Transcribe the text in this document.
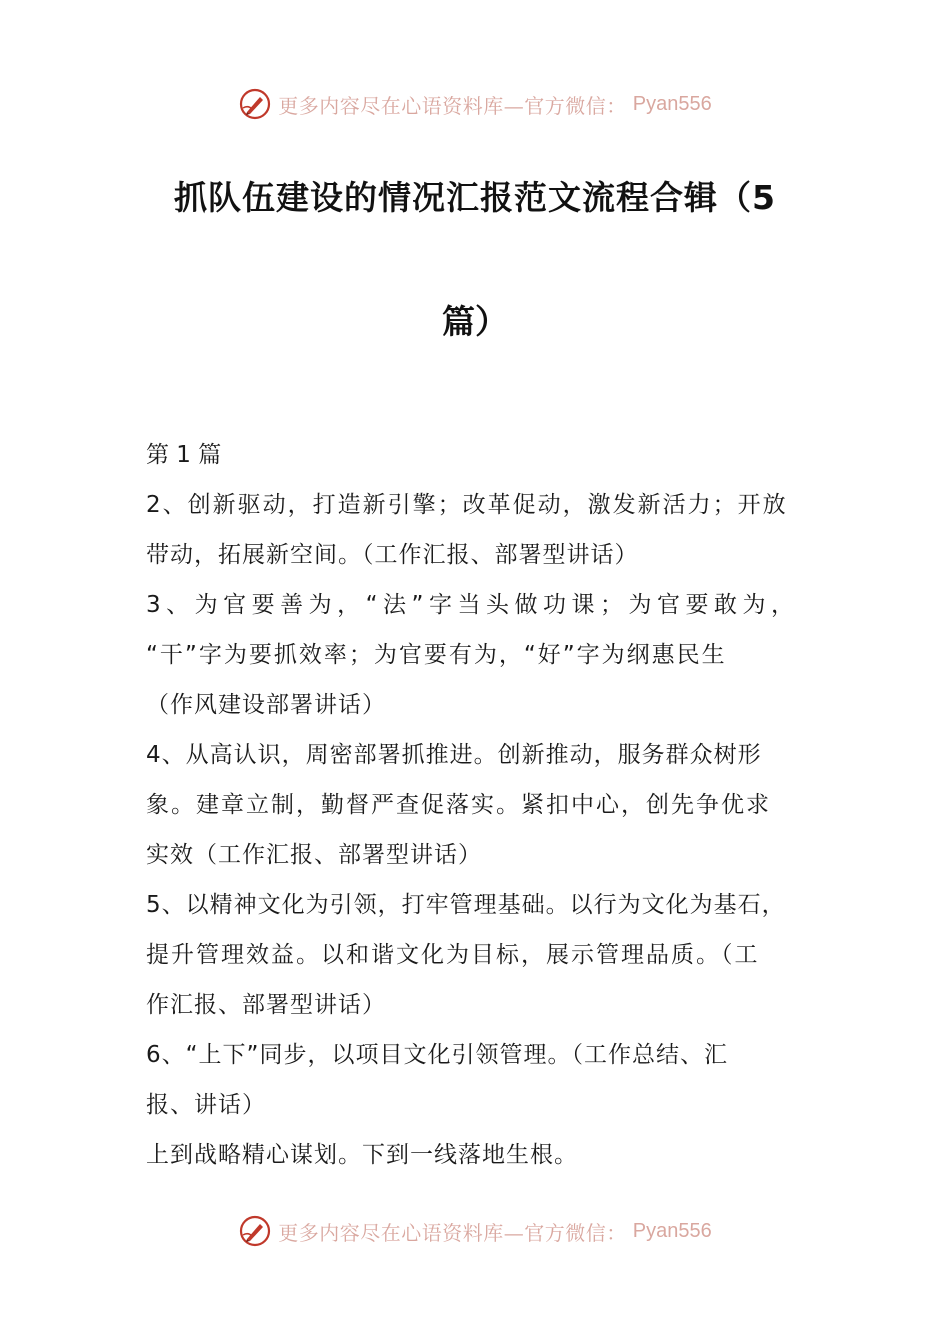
更多内容尽在心语资料库—官方微信： Pyan556
抓队伍建设的情况汇报范文流程合辑（5
篇）
第 1 篇
2、创新驱动，打造新引擎；改革促动，激发新活力；开放
带动，拓展新空间。（工作汇报、部署型讲话）
3、为官要善为，“法”字当头做功课；为官要敢为，
“干”字为要抓效率；为官要有为，“好”字为纲惠民生
（作风建设部署讲话）
4、从高认识，周密部署抓推进。创新推动，服务群众树形
象。建章立制，勤督严查促落实。紧扣中心，创先争优求
实效（工作汇报、部署型讲话）
5、以精神文化为引领，打牢管理基础。以行为文化为基石，
提升管理效益。以和谐文化为目标，展示管理品质。（工
作汇报、部署型讲话）
6、“上下”同步，以项目文化引领管理。（工作总结、汇
报、讲话）
上到战略精心谋划。下到一线落地生根。
更多内容尽在心语资料库—官方微信： Pyan556
